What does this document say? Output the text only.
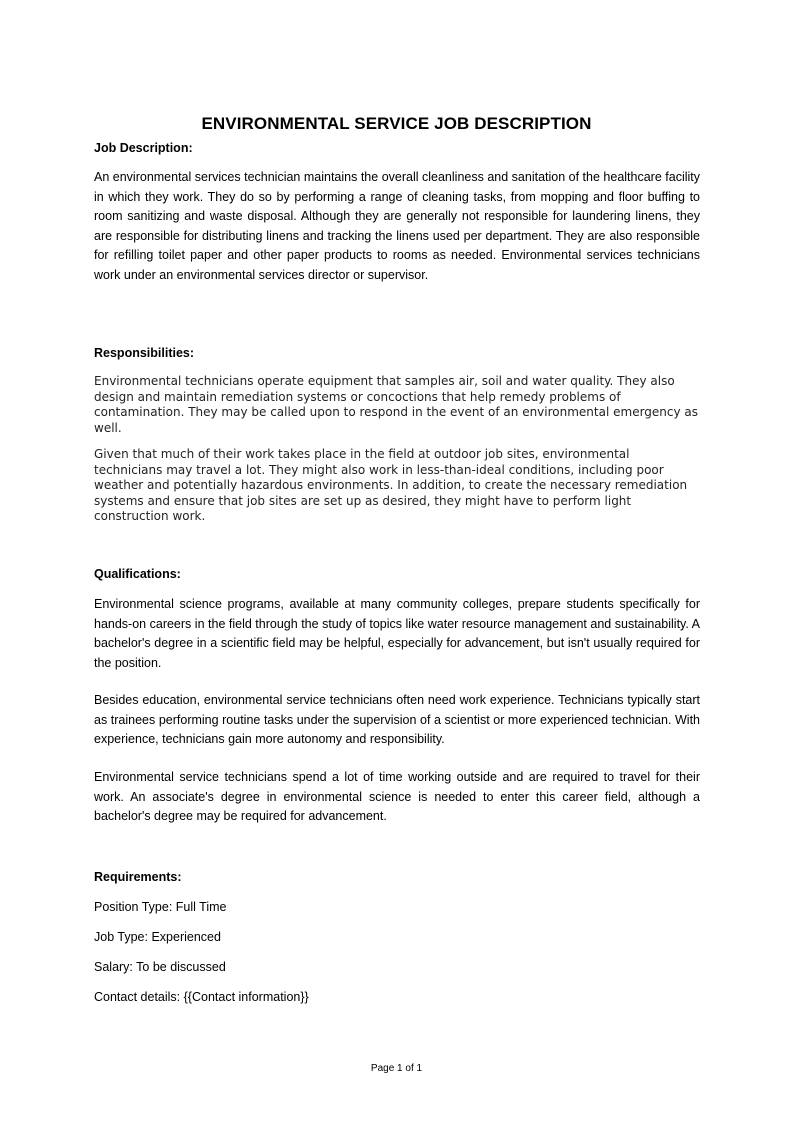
ENVIRONMENTAL SERVICE JOB DESCRIPTION
Job Description:

An environmental services technician maintains the overall cleanliness and sanitation of the healthcare facility in which they work. They do so by performing a range of cleaning tasks, from mopping and floor buffing to room sanitizing and waste disposal. Although they are generally not responsible for laundering linens, they are responsible for distributing linens and tracking the linens used per department. They are also responsible for refilling toilet paper and other paper products to rooms as needed. Environmental services technicians work under an environmental services director or supervisor.

Responsibilities:

Environmental technicians operate equipment that samples air, soil and water quality. They also design and maintain remediation systems or concoctions that help remedy problems of contamination. They may be called upon to respond in the event of an environmental emergency as well.

Given that much of their work takes place in the field at outdoor job sites, environmental technicians may travel a lot. They might also work in less-than-ideal conditions, including poor weather and potentially hazardous environments. In addition, to create the necessary remediation systems and ensure that job sites are set up as desired, they might have to perform light construction work.

Qualifications:

Environmental science programs, available at many community colleges, prepare students specifically for hands-on careers in the field through the study of topics like water resource management and sustainability. A bachelor's degree in a scientific field may be helpful, especially for advancement, but isn't usually required for the position.

Besides education, environmental service technicians often need work experience. Technicians typically start as trainees performing routine tasks under the supervision of a scientist or more experienced technician. With experience, technicians gain more autonomy and responsibility.

Environmental service technicians spend a lot of time working outside and are required to travel for their work. An associate's degree in environmental science is needed to enter this career field, although a bachelor's degree may be required for advancement.

Requirements:
Position Type: Full Time
Job Type: Experienced
Salary: To be discussed
Contact details: {{Contact information}}
Page 1 of 1
